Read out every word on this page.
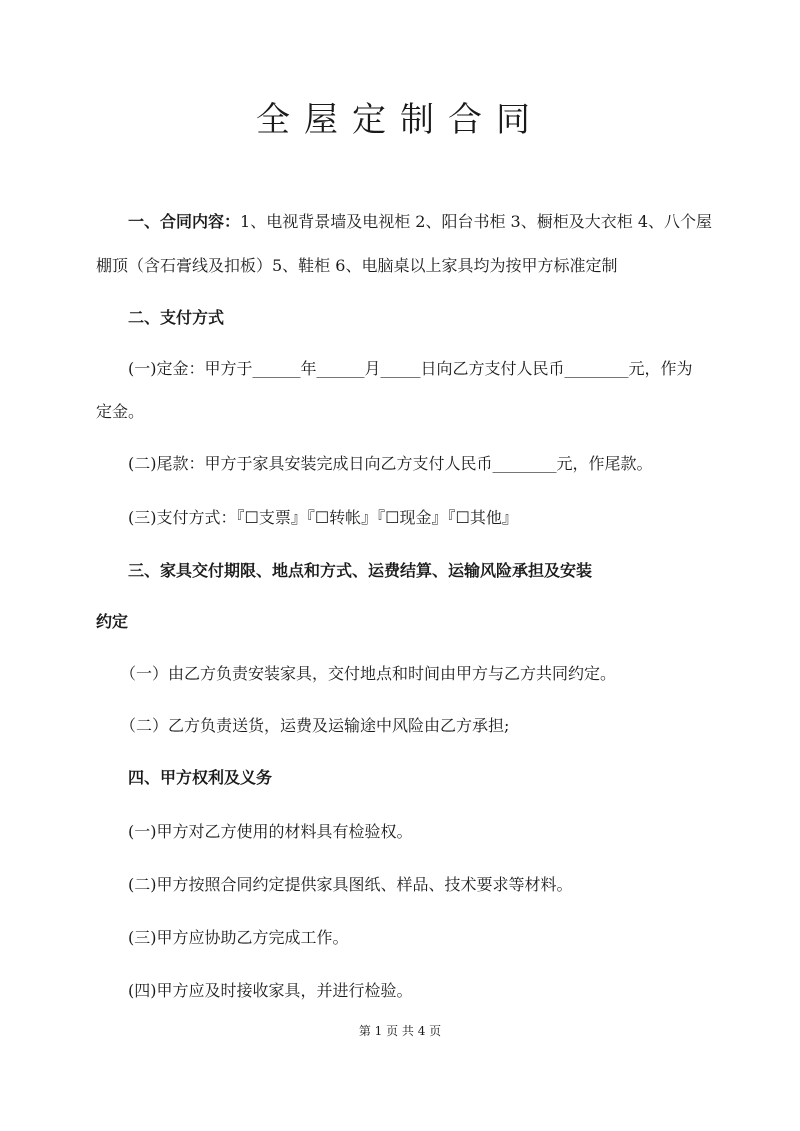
全屋定制合同
一、合同内容：1、电视背景墙及电视柜 2、阳台书柜 3、橱柜及大衣柜 4、八个屋
棚顶（含石膏线及扣板）5、鞋柜 6、电脑桌以上家具均为按甲方标准定制
二、支付方式
(一)定金：甲方于______年______月_____日向乙方支付人民币________元，作为
定金。
(二)尾款：甲方于家具安装完成日向乙方支付人民币________元，作尾款。
(三)支付方式：『☐支票』『☐转帐』『☐现金』『☐其他』
三、家具交付期限、地点和方式、运费结算、运输风险承担及安装
约定
（一）由乙方负责安装家具，交付地点和时间由甲方与乙方共同约定。
（二）乙方负责送货，运费及运输途中风险由乙方承担;
四、甲方权利及义务
(一)甲方对乙方使用的材料具有检验权。
(二)甲方按照合同约定提供家具图纸、样品、技术要求等材料。
(三)甲方应协助乙方完成工作。
(四)甲方应及时接收家具，并进行检验。
第 1 页 共 4 页
